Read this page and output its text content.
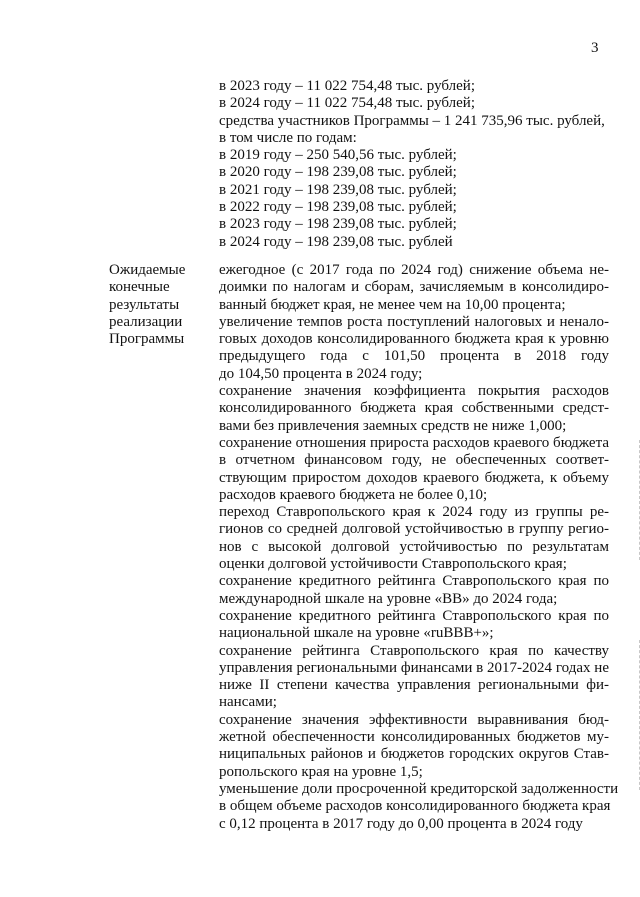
3
в 2023 году – 11 022 754,48 тыс. рублей;
в 2024 году – 11 022 754,48 тыс. рублей;
средства участников Программы – 1 241 735,96 тыс. рублей,
в том числе по годам:
в 2019 году – 250 540,56 тыс. рублей;
в 2020 году – 198 239,08 тыс. рублей;
в 2021 году – 198 239,08 тыс. рублей;
в 2022 году – 198 239,08 тыс. рублей;
в 2023 году – 198 239,08 тыс. рублей;
в 2024 году – 198 239,08 тыс. рублей
Ожидаемые
конечные
результаты
реализации
Программы
ежегодное (с 2017 года по 2024 год) снижение объема не-
доимки по налогам и сборам, зачисляемым в консолидиро-
ванный бюджет края, не менее чем на 10,00 процента;
увеличение темпов роста поступлений налоговых и ненало-
говых доходов консолидированного бюджета края к уровню
предыдущего года с 101,50 процента в 2018 году
до 104,50 процента в 2024 году;
сохранение значения коэффициента покрытия расходов
консолидированного бюджета края собственными средст-
вами без привлечения заемных средств не ниже 1,000;
сохранение отношения прироста расходов краевого бюджета
в отчетном финансовом году, не обеспеченных соответ-
ствующим приростом доходов краевого бюджета, к объему
расходов краевого бюджета не более 0,10;
переход Ставропольского края к 2024 году из группы ре-
гионов со средней долговой устойчивостью в группу регио-
нов с высокой долговой устойчивостью по результатам
оценки долговой устойчивости Ставропольского края;
сохранение кредитного рейтинга Ставропольского края по
международной шкале на уровне «ВВ» до 2024 года;
сохранение кредитного рейтинга Ставропольского края по
национальной шкале на уровне «ruBBB+»;
сохранение рейтинга Ставропольского края по качеству
управления региональными финансами в 2017-2024 годах не
ниже II степени качества управления региональными фи-
нансами;
сохранение значения эффективности выравнивания бюд-
жетной обеспеченности консолидированных бюджетов му-
ниципальных районов и бюджетов городских округов Став-
ропольского края на уровне 1,5;
уменьшение доли просроченной кредиторской задолженности
в общем объеме расходов консолидированного бюджета края
с 0,12 процента в 2017 году до 0,00 процента в 2024 году
